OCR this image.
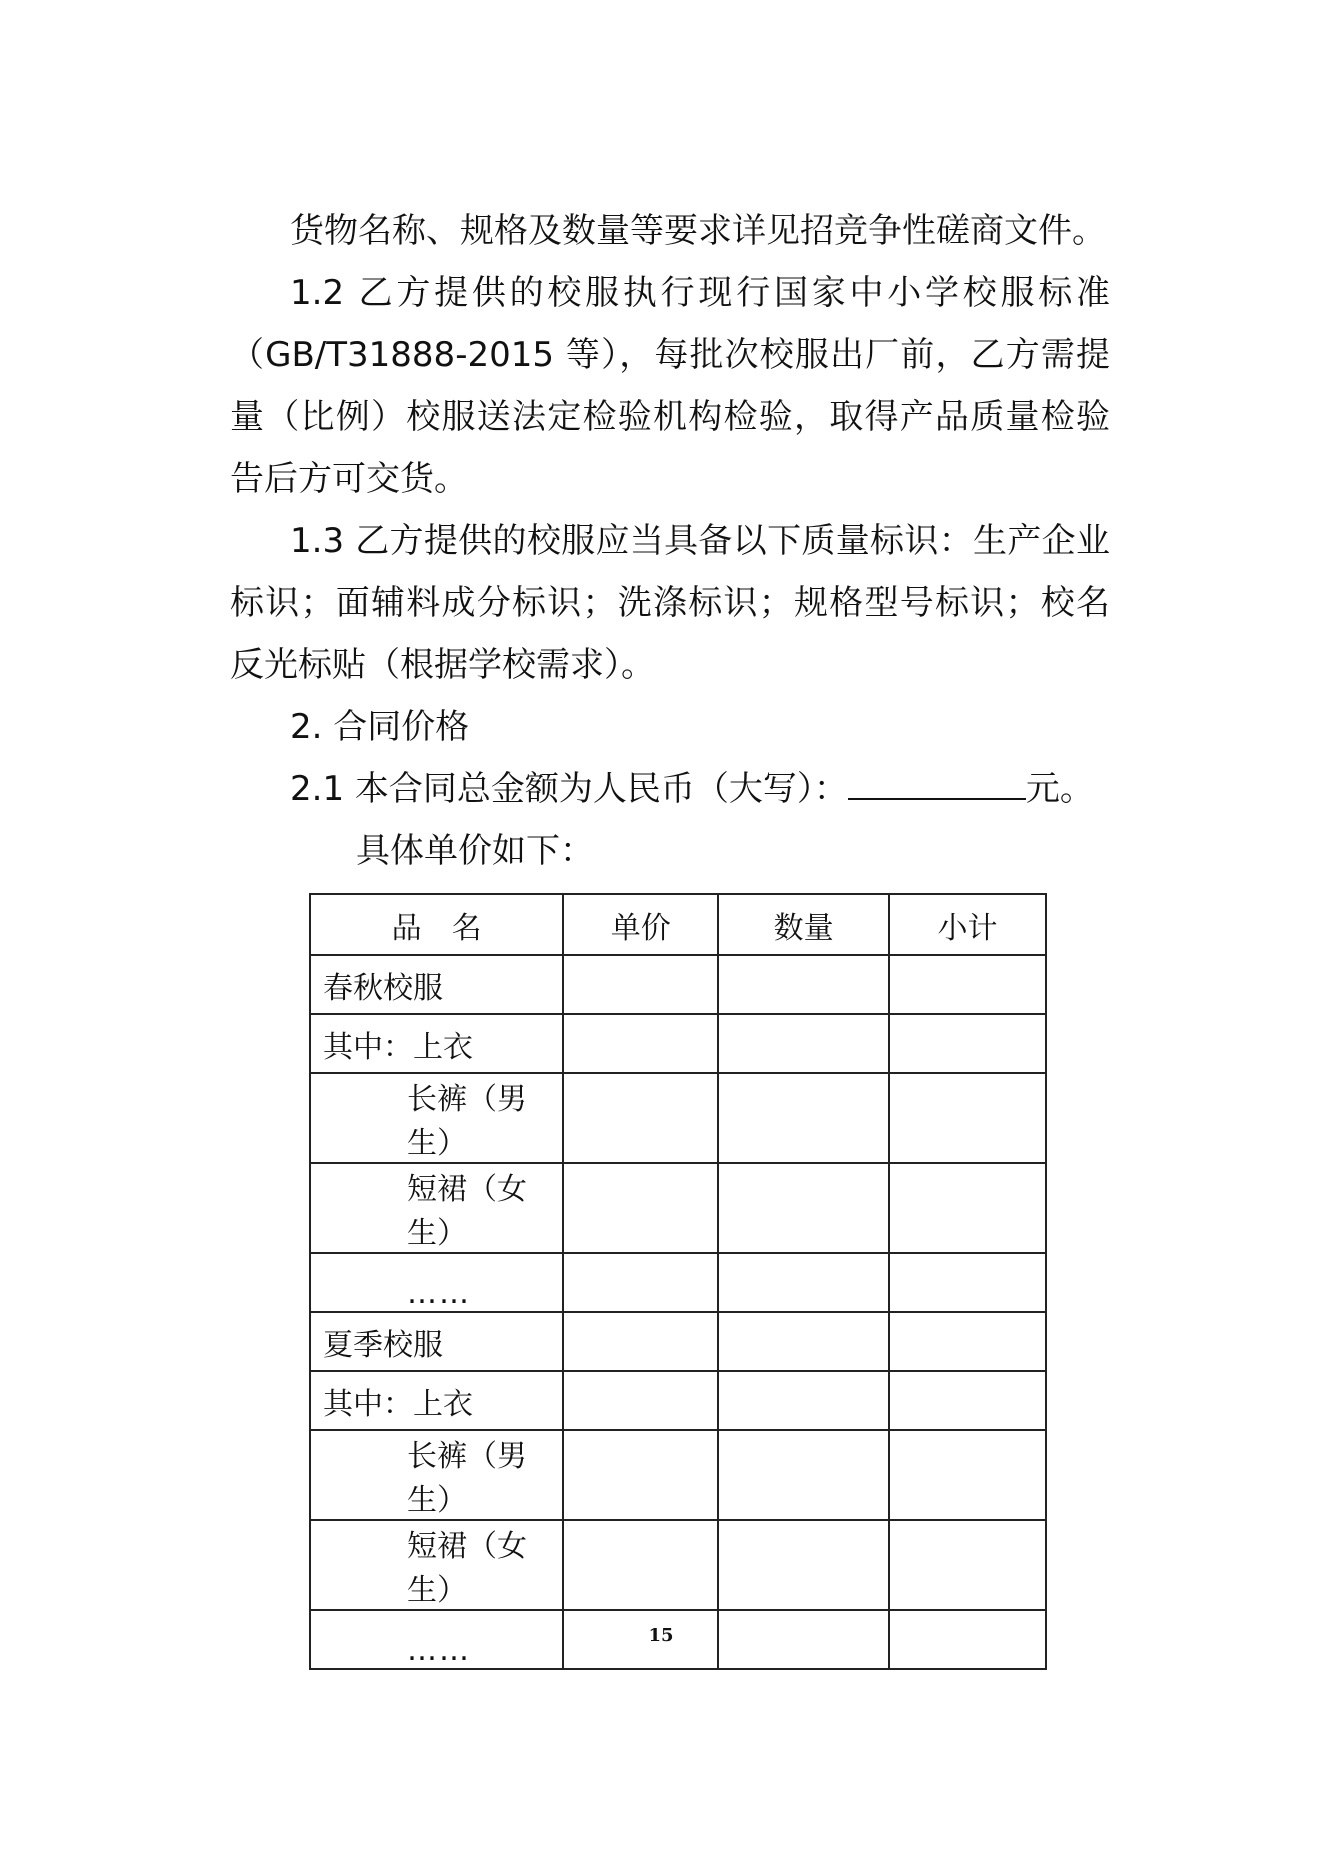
货物名称、规格及数量等要求详见招竞争性磋商文件。

1.2 乙方提供的校服执行现行国家中小学校服标准
（GB/T31888-2015 等），每批次校服出厂前，乙方需提
量（比例）校服送法定检验机构检验，取得产品质量检验
告后方可交货。
1.3 乙方提供的校服应当具备以下质量标识：生产企业
标识；面辅料成分标识；洗涤标识；规格型号标识；校名
反光标贴（根据学校需求）。

2. 合同价格

2.1 本合同总金额为人民币（大写）：	元。

具体单价如下：

品　名	单价	数量	小计
春秋校服			
其中：上衣			
长裤（男生）			
短裙（女生）			
……			
夏季校服			
其中：上衣			
长裤（男生）			
短裙（女生）			
……				15
